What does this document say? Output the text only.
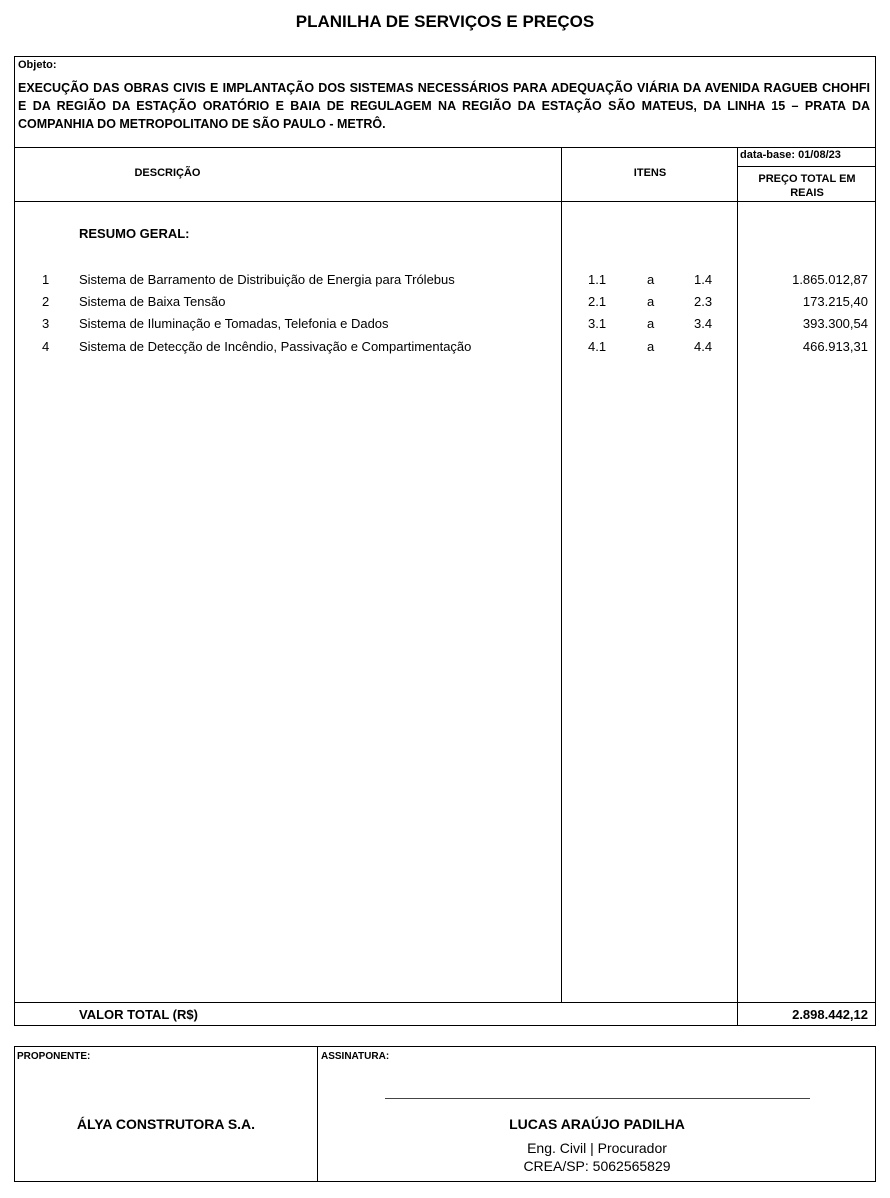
PLANILHA DE SERVIÇOS E PREÇOS
Objeto:
EXECUÇÃO DAS OBRAS CIVIS E IMPLANTAÇÃO DOS SISTEMAS NECESSÁRIOS PARA ADEQUAÇÃO VIÁRIA DA AVENIDA RAGUEB CHOHFI E DA REGIÃO DA ESTAÇÃO ORATÓRIO E BAIA DE REGULAGEM NA REGIÃO DA ESTAÇÃO SÃO MATEUS, DA LINHA 15 – PRATA DA COMPANHIA DO METROPOLITANO DE SÃO PAULO - METRÔ.
DESCRIÇÃO	ITENS
data-base: 01/08/23
PREÇO TOTAL EM REAIS
RESUMO GERAL:
1 Sistema de Barramento de Distribuição de Energia para Trólebus	1.1	a	1.4	1.865.012,87
2 Sistema de Baixa Tensão	2.1	a	2.3	173.215,40
3 Sistema de Iluminação e Tomadas, Telefonia e Dados	3.1	a	3.4	393.300,54
4 Sistema de Detecção de Incêndio, Passivação e Compartimentação	4.1	a	4.4	466.913,31
VALOR TOTAL (R$)	2.898.442,12
PROPONENTE:
ÁLYA CONSTRUTORA S.A.
ASSINATURA:
LUCAS ARAÚJO PADILHA
Eng. Civil | Procurador
CREA/SP: 5062565829
